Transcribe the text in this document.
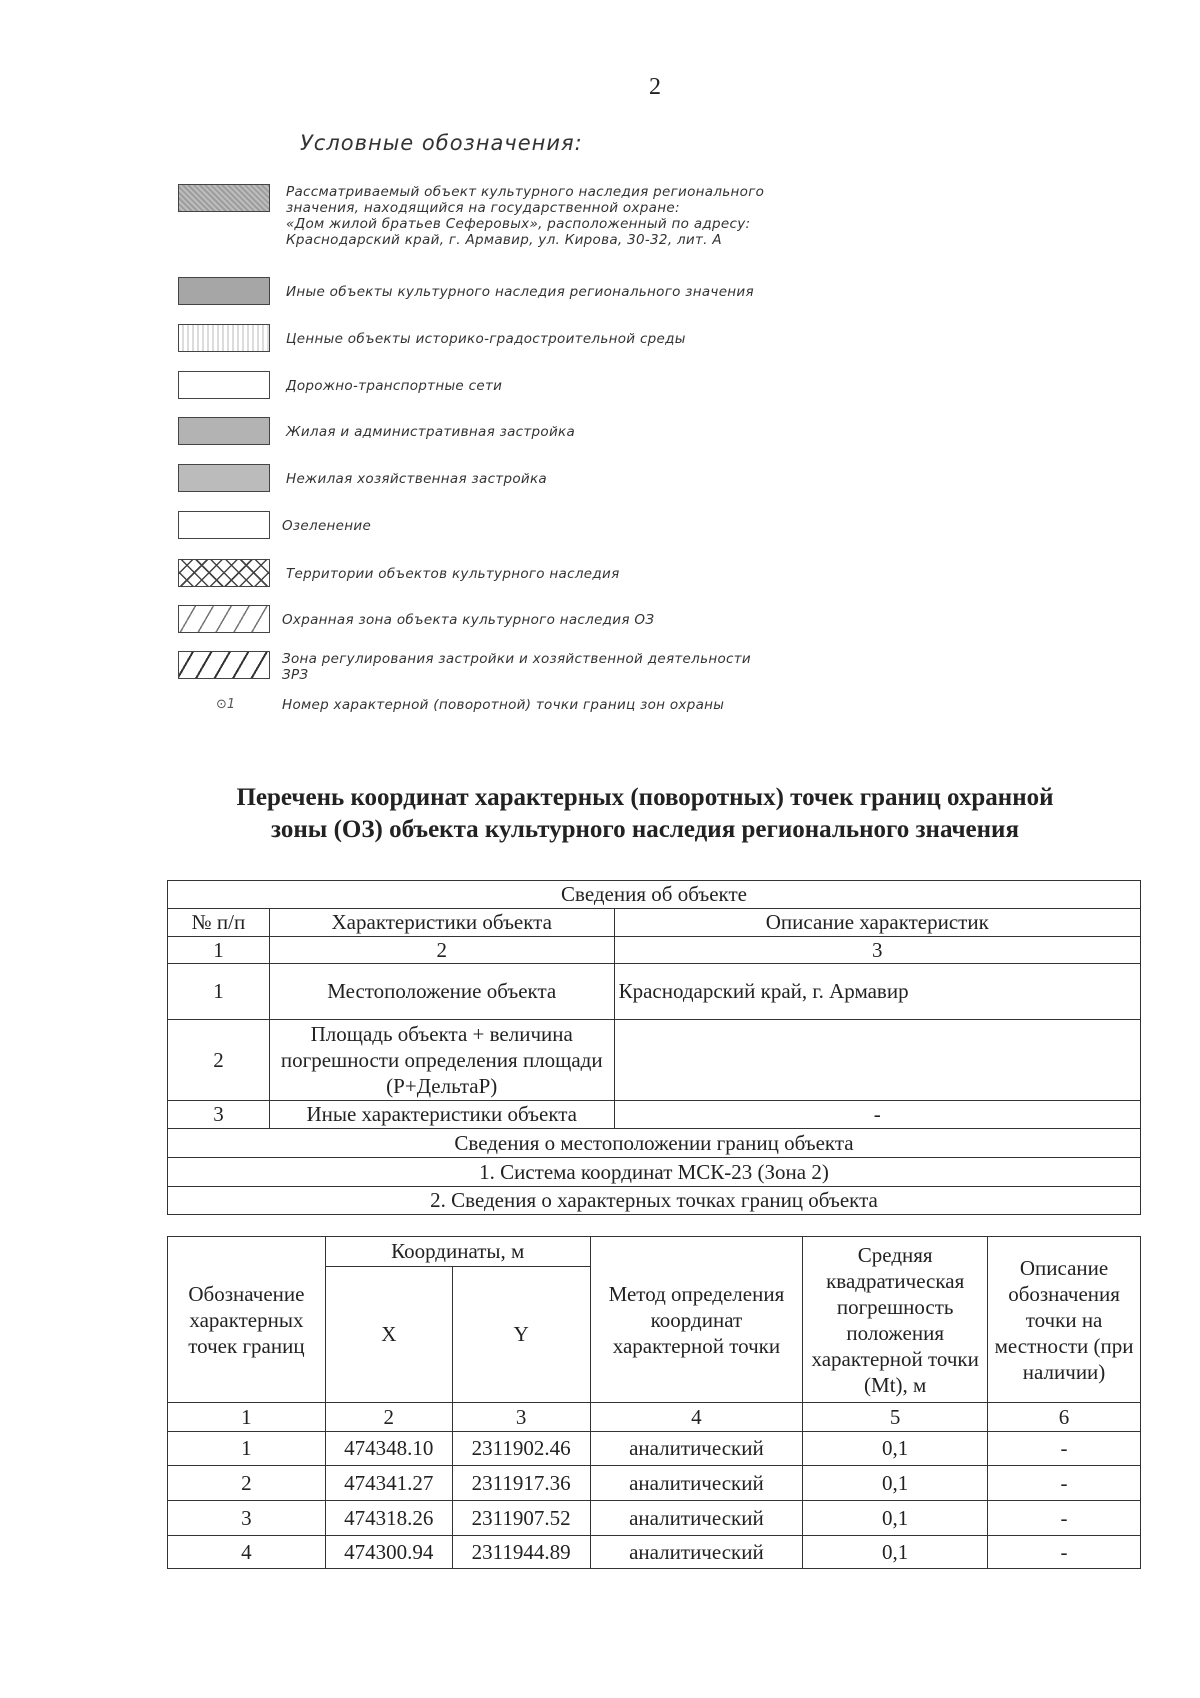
2
Условные обозначения:
Рассматриваемый объект культурного наследия регионального
значения, находящийся на государственной охране:
«Дом жилой братьев Сеферовых», расположенный по адресу:
Краснодарский край, г. Армавир, ул. Кирова, 30-32, лит. А
Иные объекты культурного наследия регионального значения
Ценные объекты историко-градостроительной среды
Дорожно-транспортные сети
Жилая и административная застройка
Нежилая хозяйственная застройка
Озеленение
Территории объектов культурного наследия
Охранная зона объекта культурного наследия ОЗ
Зона регулирования застройки и хозяйственной деятельности
ЗРЗ
⊙1	Номер характерной (поворотной) точки границ зон охраны
Перечень координат характерных (поворотных) точек границ охранной
зоны (ОЗ) объекта культурного наследия регионального значения
Сведения об объекте		
№ п/п	Характеристики объекта	Описание характеристик
1	2	3
1	Местоположение объекта	Краснодарский край, г. Армавир
2	Площадь объекта + величина погрешности определения площади (Р+ДельтаР)	
3	Иные характеристики объекта	-
Сведения о местоположении границ объекта		
1. Система координат МСК-23 (Зона 2)		
2. Сведения о характерных точках границ объекта		
Обозначение характерных точек границ	Координаты, м		Метод определения координат характерной точки	Средняя квадратическая погрешность положения характерной точки (Mt), м	Описание обозначения точки на местности (при наличии)
	X	Y			
1	2	3	4	5	6
1	474348.10	2311902.46	аналитический	0,1	-
2	474341.27	2311917.36	аналитический	0,1	-
3	474318.26	2311907.52	аналитический	0,1	-
4	474300.94	2311944.89	аналитический	0,1	-
